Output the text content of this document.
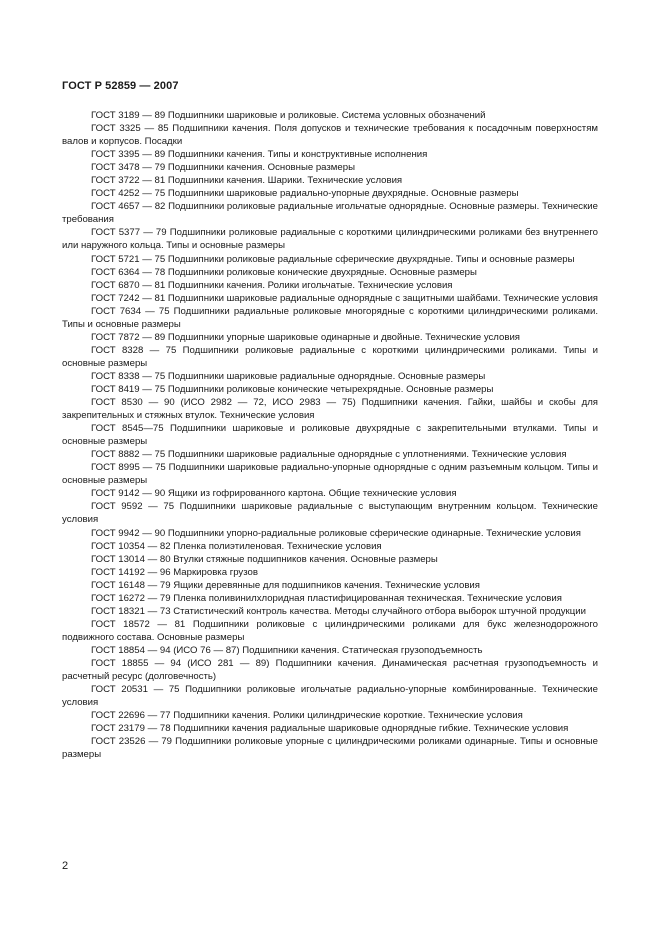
ГОСТ Р 52859 — 2007

ГОСТ 3189 — 89 Подшипники шариковые и роликовые. Система условных обозначений

ГОСТ 3325 — 85 Подшипники качения. Поля допусков и технические требования к посадочным поверхностям валов и корпусов. Посадки

ГОСТ 3395 — 89 Подшипники качения. Типы и конструктивные исполнения

ГОСТ 3478 — 79 Подшипники качения. Основные размеры

ГОСТ 3722 — 81 Подшипники качения. Шарики. Технические условия

ГОСТ 4252 — 75 Подшипники шариковые радиально-упорные двухрядные. Основные размеры

ГОСТ 4657 — 82 Подшипники роликовые радиальные игольчатые однорядные. Основные размеры. Технические требования

ГОСТ 5377 — 79 Подшипники роликовые радиальные с короткими цилиндрическими роликами без внутреннего или наружного кольца. Типы и основные размеры

ГОСТ 5721 — 75 Подшипники роликовые радиальные сферические двухрядные. Типы и основные размеры

ГОСТ 6364 — 78 Подшипники роликовые конические двухрядные. Основные размеры

ГОСТ 6870 — 81 Подшипники качения. Ролики игольчатые. Технические условия

ГОСТ 7242 — 81 Подшипники шариковые радиальные однорядные с защитными шайбами. Технические условия

ГОСТ 7634 — 75 Подшипники радиальные роликовые многорядные с короткими цилиндрическими роликами. Типы и основные размеры

ГОСТ 7872 — 89 Подшипники упорные шариковые одинарные и двойные. Технические условия

ГОСТ 8328 — 75 Подшипники роликовые радиальные с короткими цилиндрическими роликами. Типы и основные размеры

ГОСТ 8338 — 75 Подшипники шариковые радиальные однорядные. Основные размеры

ГОСТ 8419 — 75 Подшипники роликовые конические четырехрядные. Основные размеры

ГОСТ 8530 — 90 (ИСО 2982 — 72, ИСО 2983 — 75) Подшипники качения. Гайки, шайбы и скобы для закрепительных и стяжных втулок. Технические условия

ГОСТ 8545—75 Подшипники шариковые и роликовые двухрядные с закрепительными втулками. Типы и основные размеры

ГОСТ 8882 — 75 Подшипники шариковые радиальные однорядные с уплотнениями. Технические условия

ГОСТ 8995 — 75 Подшипники шариковые радиально-упорные однорядные с одним разъемным кольцом. Типы и основные размеры

ГОСТ 9142 — 90 Ящики из гофрированного картона. Общие технические условия

ГОСТ 9592 — 75 Подшипники шариковые радиальные с выступающим внутренним кольцом. Технические условия

ГОСТ 9942 — 90 Подшипники упорно-радиальные роликовые сферические одинарные. Технические условия

ГОСТ 10354 — 82 Пленка полиэтиленовая. Технические условия

ГОСТ 13014 — 80 Втулки стяжные подшипников качения. Основные размеры

ГОСТ 14192 — 96 Маркировка грузов

ГОСТ 16148 — 79 Ящики деревянные для подшипников качения. Технические условия

ГОСТ 16272 — 79 Пленка поливинилхлоридная пластифицированная техническая. Технические условия

ГОСТ 18321 — 73 Статистический контроль качества. Методы случайного отбора выборок штучной продукции

ГОСТ 18572 — 81 Подшипники роликовые с цилиндрическими роликами для букс железнодорожного подвижного состава. Основные размеры

ГОСТ 18854 — 94 (ИСО 76 — 87) Подшипники качения. Статическая грузоподъемность

ГОСТ 18855 — 94 (ИСО 281 — 89) Подшипники качения. Динамическая расчетная грузоподъемность и расчетный ресурс (долговечность)

ГОСТ 20531 — 75 Подшипники роликовые игольчатые радиально-упорные комбинированные. Технические условия

ГОСТ 22696 — 77 Подшипники качения. Ролики цилиндрические короткие. Технические условия

ГОСТ 23179 — 78 Подшипники качения радиальные шариковые однорядные гибкие. Технические условия

ГОСТ 23526 — 79 Подшипники роликовые упорные с цилиндрическими роликами одинарные. Типы и основные размеры

2
